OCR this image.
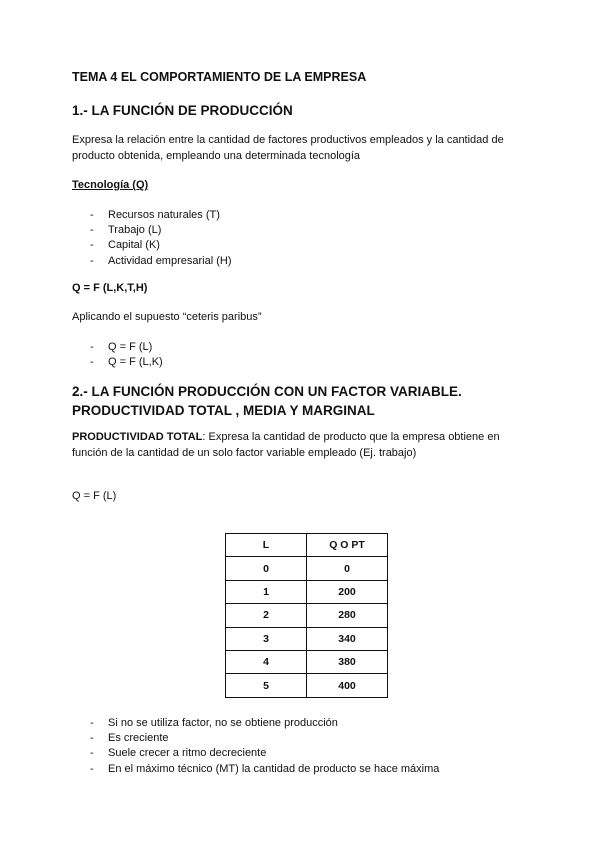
TEMA 4 EL COMPORTAMIENTO DE LA EMPRESA
1.- LA FUNCIÓN DE PRODUCCIÓN
Expresa la relación entre la cantidad de factores productivos empleados y la cantidad de producto obtenida, empleando una determinada tecnología
Tecnología (Q)
- Recursos naturales (T)
- Trabajo (L)
- Capital (K)
- Actividad empresarial (H)
Q = F (L,K,T,H)
Aplicando el supuesto “ceteris paribus”
- Q = F (L)
- Q = F (L,K)
2.- LA FUNCIÓN PRODUCCIÓN CON UN FACTOR VARIABLE. PRODUCTIVIDAD TOTAL , MEDIA Y MARGINAL
PRODUCTIVIDAD TOTAL: Expresa la cantidad de producto que la empresa obtiene en función de la cantidad de un solo factor variable empleado (Ej. trabajo)
Q = F (L)
L	Q O PT
0	0
1	200
2	280
3	340
4	380
5	400
- Si no se utiliza factor, no se obtiene producción
- Es creciente
- Suele crecer a ritmo decreciente
- En el máximo técnico (MT) la cantidad de producto se hace máxima
